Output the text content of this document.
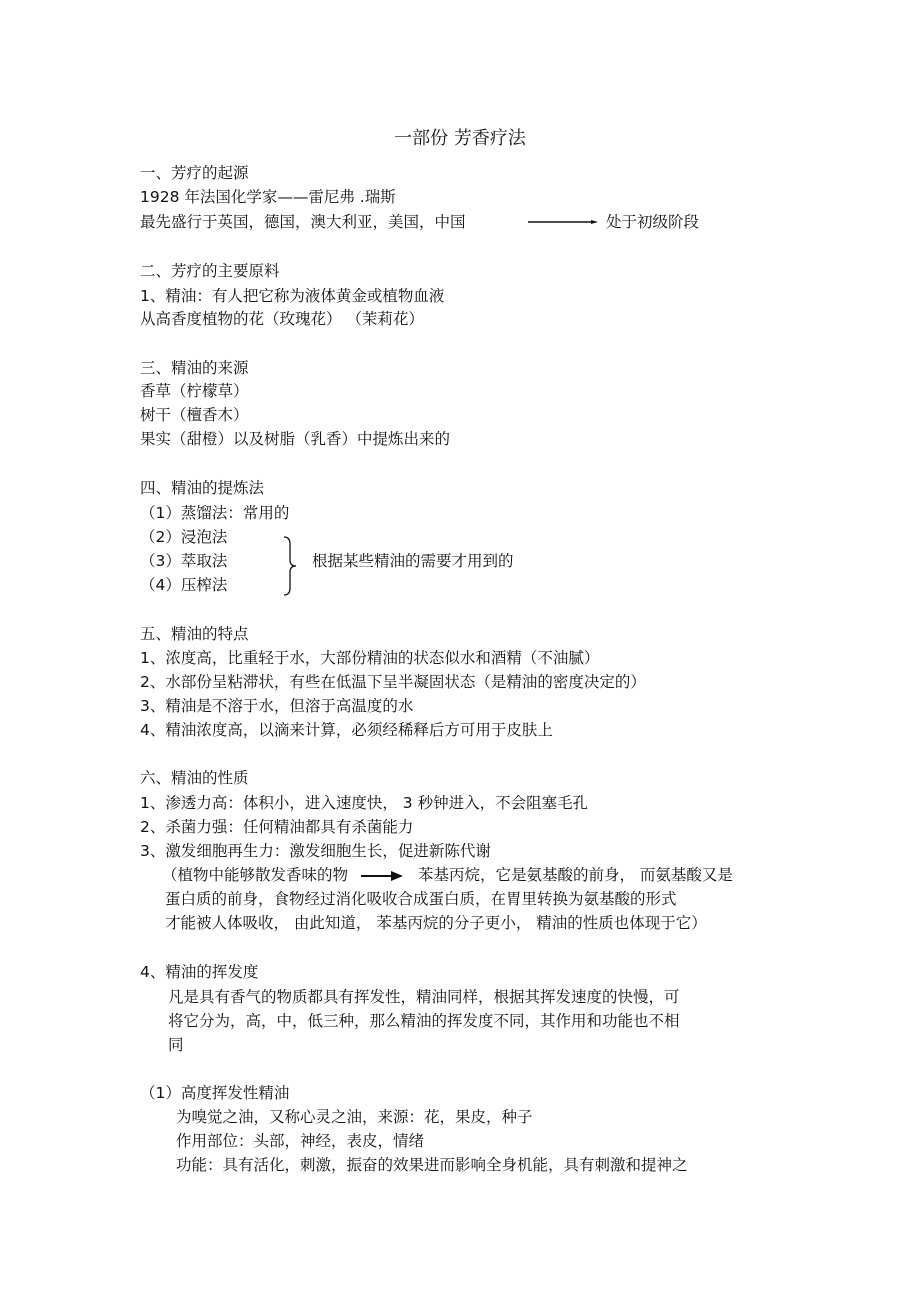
一部份 芳香疗法
一、芳疗的起源
1928 年法国化学家——雷尼弗 .瑞斯
最先盛行于英国，德国，澳大利亚，美国，中国	处于初级阶段
二、芳疗的主要原料
1、精油：有人把它称为液体黄金或植物血液
从高香度植物的花（玫瑰花） （茉莉花）
三、精油的来源
香草（柠檬草）
树干（檀香木）
果实（甜橙）以及树脂（乳香）中提炼出来的
四、精油的提炼法
（1）蒸馏法：常用的
（2）浸泡法
（3）萃取法
（4）压榨法
根据某些精油的需要才用到的
五、精油的特点
1、浓度高，比重轻于水，大部份精油的状态似水和酒精（不油腻）
2、水部份呈粘滞状，有些在低温下呈半凝固状态（是精油的密度决定的）
3、精油是不溶于水，但溶于高温度的水
4、精油浓度高，以滴来计算，必须经稀释后方可用于皮肤上
六、精油的性质
1、渗透力高：体积小，进入速度快， 3 秒钟进入，不会阻塞毛孔
2、杀菌力强：任何精油都具有杀菌能力
3、激发细胞再生力：激发细胞生长，促进新陈代谢
（植物中能够散发香味的物	苯基丙烷，它是氨基酸的前身， 而氨基酸又是
蛋白质的前身，食物经过消化吸收合成蛋白质，在胃里转换为氨基酸的形式
才能被人体吸收， 由此知道， 苯基丙烷的分子更小， 精油的性质也体现于它）
4、精油的挥发度
凡是具有香气的物质都具有挥发性，精油同样，根据其挥发速度的快慢，可
将它分为，高，中，低三种，那么精油的挥发度不同，其作用和功能也不相
同
（1）高度挥发性精油
为嗅觉之油，又称心灵之油，来源：花，果皮，种子
作用部位：头部，神经，表皮，情绪
功能：具有活化，刺激，振奋的效果进而影响全身机能，具有刺激和提神之
